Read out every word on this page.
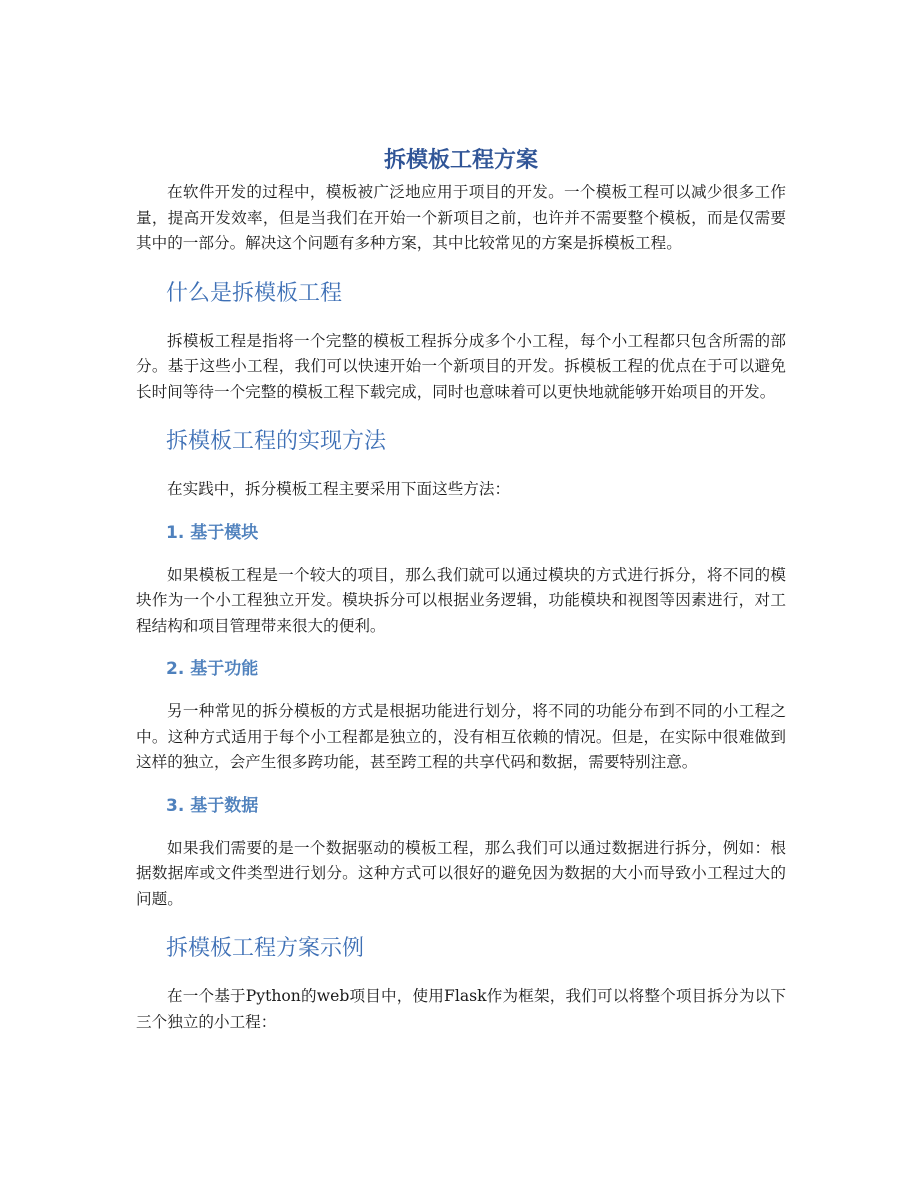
拆模板工程方案

在软件开发的过程中，模板被广泛地应用于项目的开发。一个模板工程可以减少很多工作量，提高开发效率，但是当我们在开始一个新项目之前，也许并不需要整个模板，而是仅需要其中的一部分。解决这个问题有多种方案，其中比较常见的方案是拆模板工程。

什么是拆模板工程

拆模板工程是指将一个完整的模板工程拆分成多个小工程，每个小工程都只包含所需的部分。基于这些小工程，我们可以快速开始一个新项目的开发。拆模板工程的优点在于可以避免长时间等待一个完整的模板工程下载完成，同时也意味着可以更快地就能够开始项目的开发。

拆模板工程的实现方法

在实践中，拆分模板工程主要采用下面这些方法：

1. 基于模块

如果模板工程是一个较大的项目，那么我们就可以通过模块的方式进行拆分，将不同的模块作为一个小工程独立开发。模块拆分可以根据业务逻辑，功能模块和视图等因素进行，对工程结构和项目管理带来很大的便利。

2. 基于功能

另一种常见的拆分模板的方式是根据功能进行划分，将不同的功能分布到不同的小工程之中。这种方式适用于每个小工程都是独立的，没有相互依赖的情况。但是，在实际中很难做到这样的独立，会产生很多跨功能，甚至跨工程的共享代码和数据，需要特别注意。

3. 基于数据

如果我们需要的是一个数据驱动的模板工程，那么我们可以通过数据进行拆分，例如：根据数据库或文件类型进行划分。这种方式可以很好的避免因为数据的大小而导致小工程过大的问题。

拆模板工程方案示例

在一个基于Python的web项目中，使用Flask作为框架，我们可以将整个项目拆分为以下三个独立的小工程：
